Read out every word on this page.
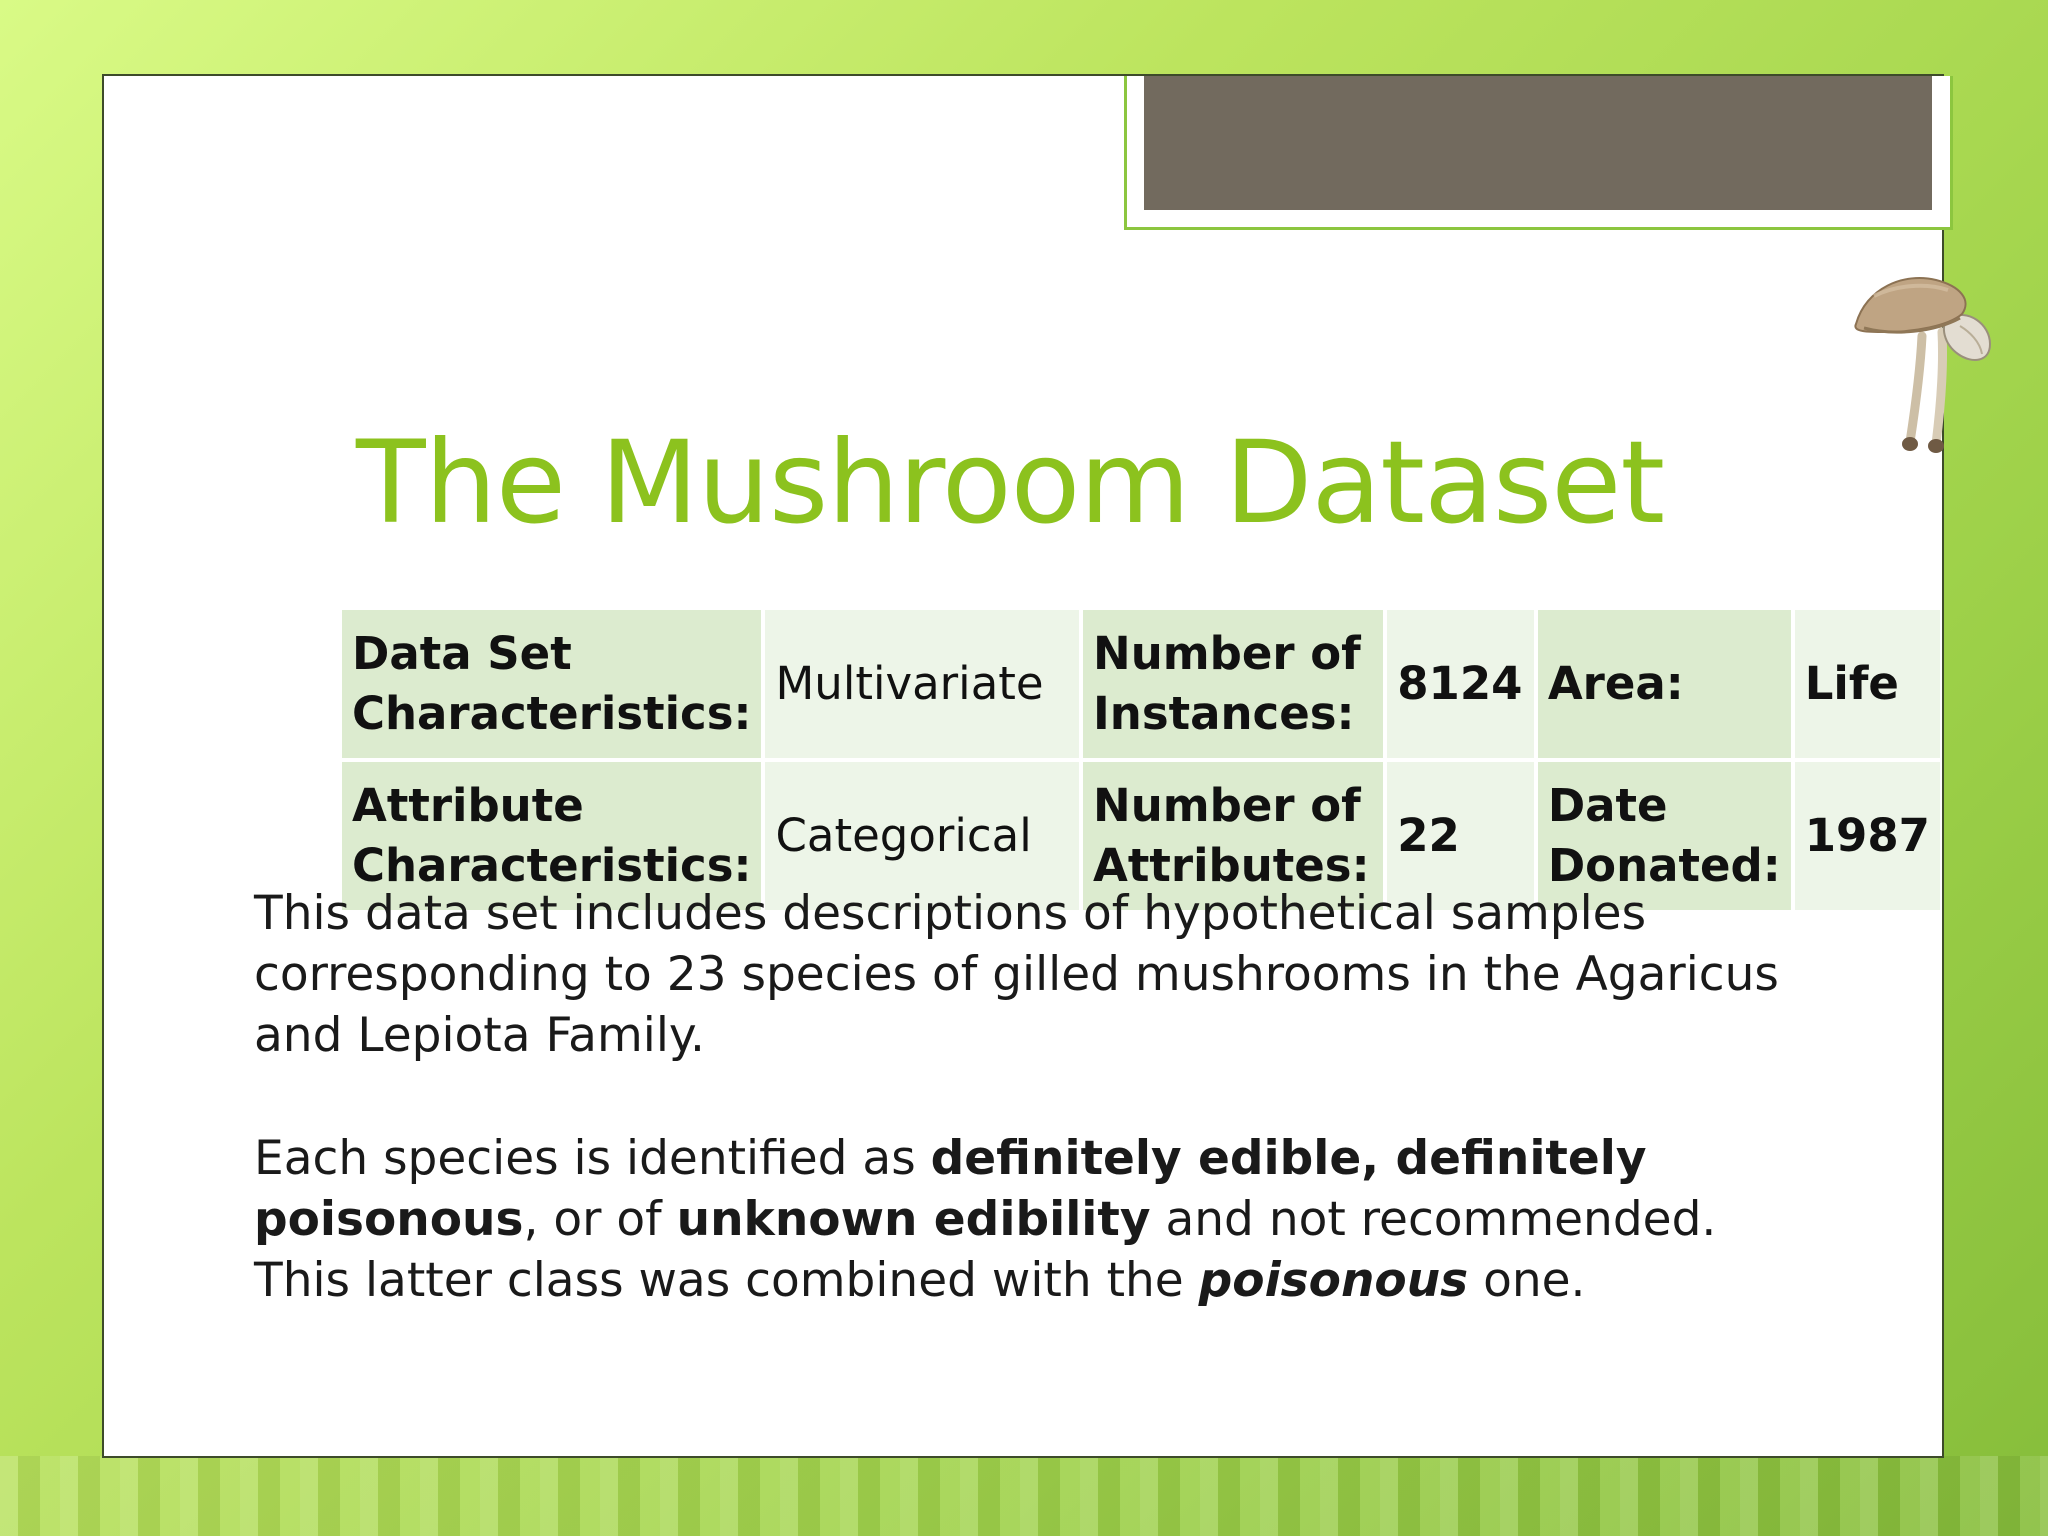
The Mushroom Dataset
Data Set Characteristics:	Multivariate	Number of Instances:	8124	Area:	Life
Attribute Characteristics:	Categorical	Number of Attributes:	22	Date Donated:	1987

This data set includes descriptions of hypothetical samples corresponding to 23 species of gilled mushrooms in the Agaricus and Lepiota Family.

Each species is identified as definitely edible, definitely poisonous, or of unknown edibility and not recommended.
This latter class was combined with the poisonous one.
